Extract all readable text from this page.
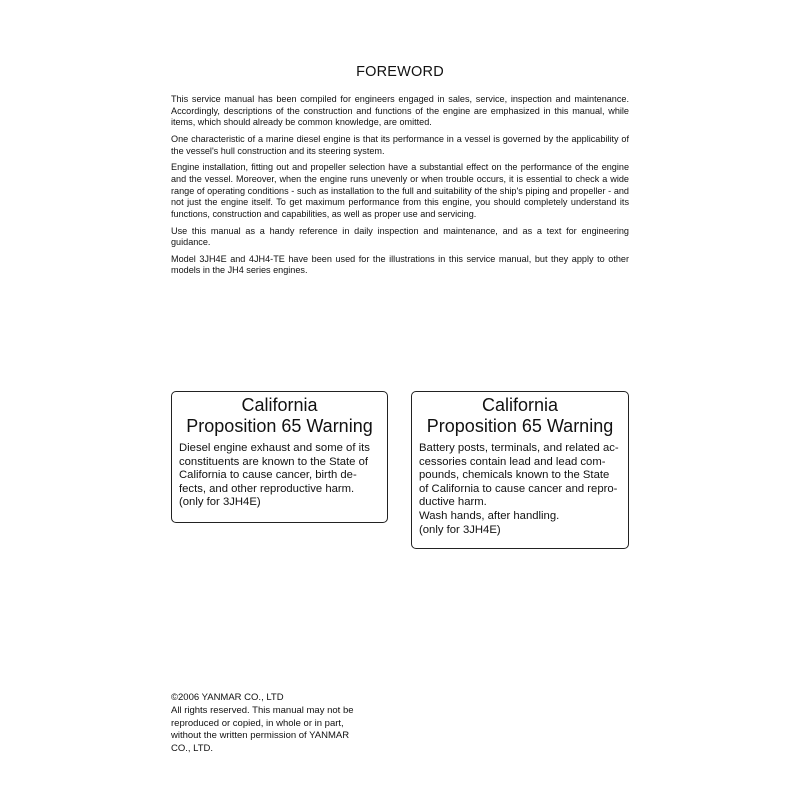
FOREWORD

This service manual has been compiled for engineers engaged in sales, service, inspection and maintenance. Accordingly, descriptions of the construction and functions of the engine are emphasized in this manual, while items, which should already be common knowledge, are omitted.

One characteristic of a marine diesel engine is that its performance in a vessel is governed by the applicability of the vessel's hull construction and its steering system.

Engine installation, fitting out and propeller selection have a substantial effect on the performance of the engine and the vessel. Moreover, when the engine runs unevenly or when trouble occurs, it is essential to check a wide range of operating conditions - such as installation to the full and suitability of the ship's piping and propeller - and not just the engine itself. To get maximum performance from this engine, you should completely understand its functions, construction and capabilities, as well as proper use and servicing.

Use this manual as a handy reference in daily inspection and maintenance, and as a text for engineering guidance.

Model 3JH4E and 4JH4-TE have been used for the illustrations in this service manual, but they apply to other models in the JH4 series engines.

California
Proposition 65 Warning
Diesel engine exhaust and some of its
constituents are known to the State of
California to cause cancer, birth de-
fects, and other reproductive harm.
(only for 3JH4E)
California
Proposition 65 Warning
Battery posts, terminals, and related ac-
cessories contain lead and lead com-
pounds, chemicals known to the State
of California to cause cancer and repro-
ductive harm.
Wash hands, after handling.
(only for 3JH4E)
©2006 YANMAR CO., LTD
All rights reserved. This manual may not be
reproduced or copied, in whole or in part,
without the written permission of YANMAR
CO., LTD.
